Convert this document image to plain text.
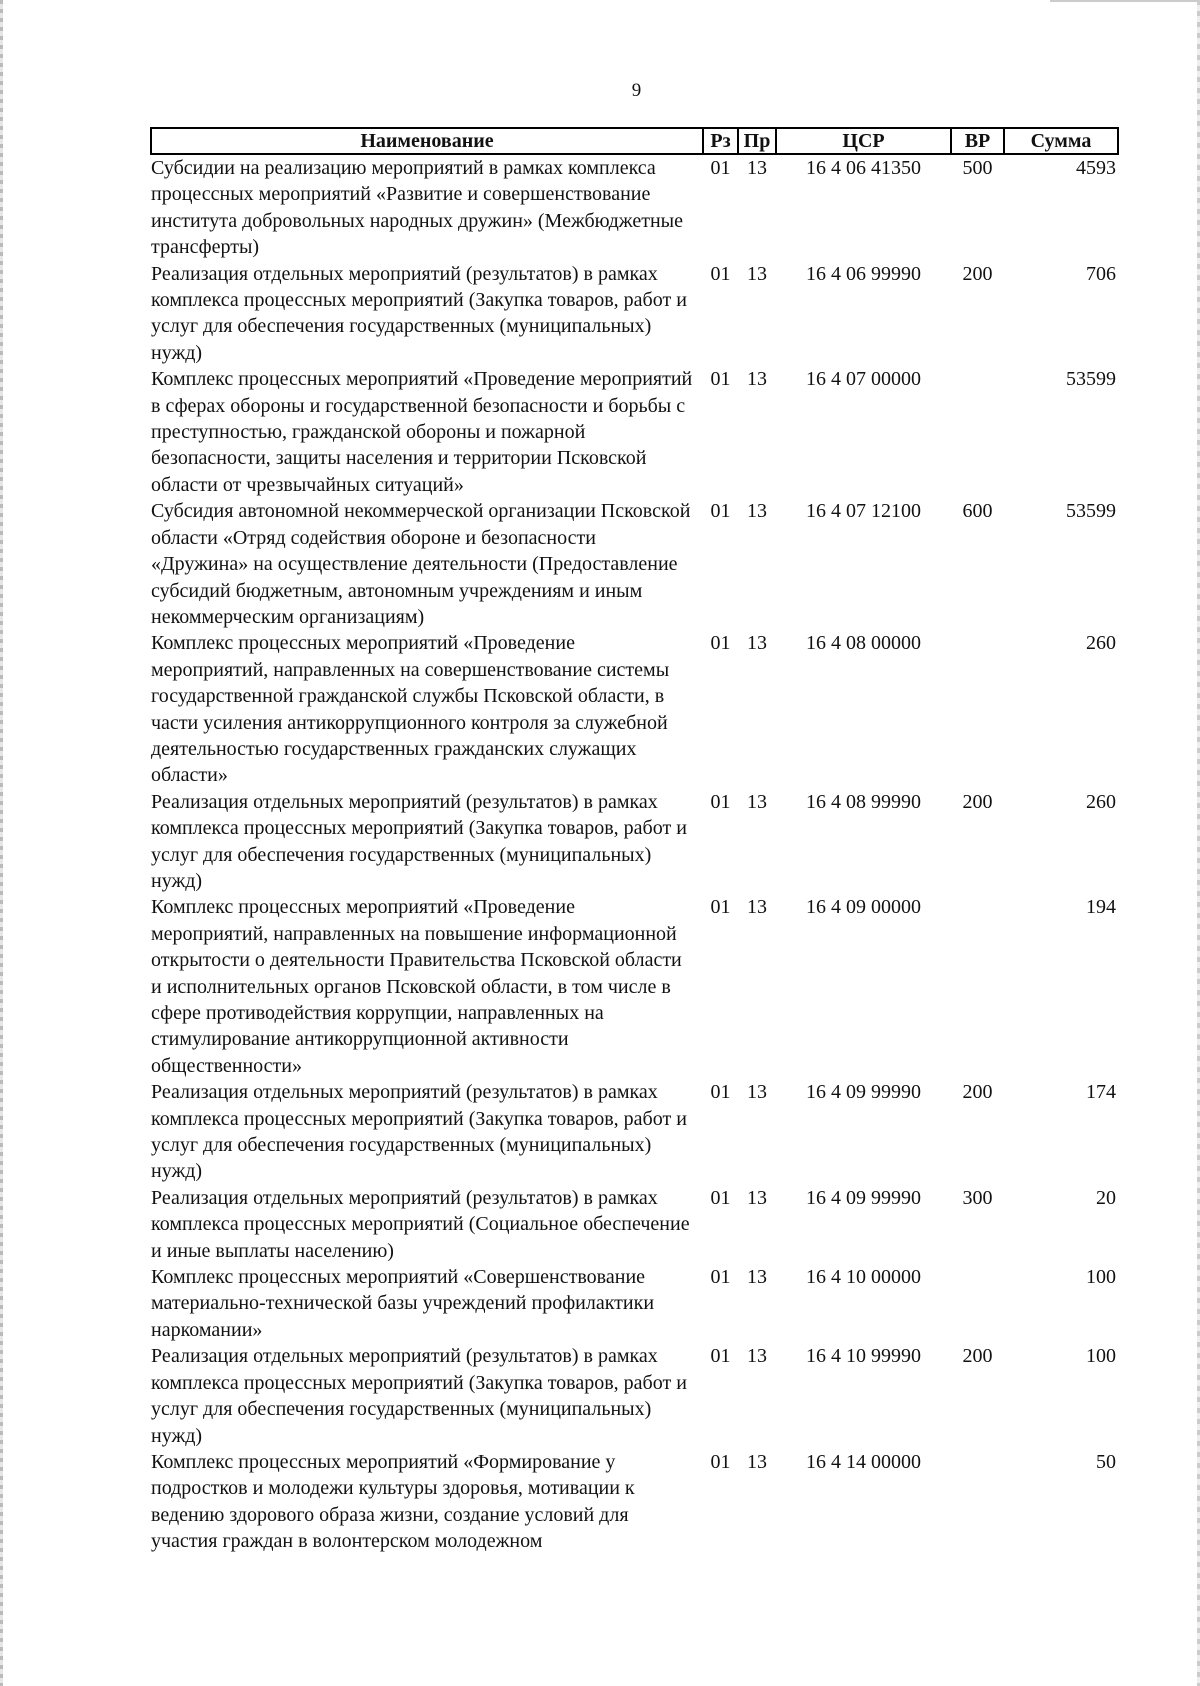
9
Наименование	Рз	Пр	ЦСР	ВР	Сумма
Субсидии на реализацию мероприятий в рамках комплекса процессных мероприятий «Развитие и совершенствование института добровольных народных дружин» (Межбюджетные трансферты)	01	13	16 4 06 41350	500	4593
Реализация отдельных мероприятий (результатов) в рамках комплекса процессных мероприятий (Закупка товаров, работ и услуг для обеспечения государственных (муниципальных) нужд)	01	13	16 4 06 99990	200	706
Комплекс процессных мероприятий «Проведение мероприятий в сферах обороны и государственной безопасности и борьбы с преступностью, гражданской обороны и пожарной безопасности, защиты населения и территории Псковской области от чрезвычайных ситуаций»	01	13	16 4 07 00000		53599
Субсидия автономной некоммерческой организации Псковской области «Отряд содействия обороне и безопасности «Дружина» на осуществление деятельности (Предоставление субсидий бюджетным, автономным учреждениям и иным некоммерческим организациям)	01	13	16 4 07 12100	600	53599
Комплекс процессных мероприятий «Проведение мероприятий, направленных на совершенствование системы государственной гражданской службы Псковской области, в части усиления антикоррупционного контроля за служебной деятельностью государственных гражданских служащих области»	01	13	16 4 08 00000		260
Реализация отдельных мероприятий (результатов) в рамках комплекса процессных мероприятий (Закупка товаров, работ и услуг для обеспечения государственных (муниципальных) нужд)	01	13	16 4 08 99990	200	260
Комплекс процессных мероприятий «Проведение мероприятий, направленных на повышение информационной открытости о деятельности Правительства Псковской области и исполнительных органов Псковской области, в том числе в сфере противодействия коррупции, направленных на стимулирование антикоррупционной активности общественности»	01	13	16 4 09 00000		194
Реализация отдельных мероприятий (результатов) в рамках комплекса процессных мероприятий (Закупка товаров, работ и услуг для обеспечения государственных (муниципальных) нужд)	01	13	16 4 09 99990	200	174
Реализация отдельных мероприятий (результатов) в рамках комплекса процессных мероприятий (Социальное обеспечение и иные выплаты населению)	01	13	16 4 09 99990	300	20
Комплекс процессных мероприятий «Совершенствование материально-технической базы учреждений профилактики наркомании»	01	13	16 4 10 00000		100
Реализация отдельных мероприятий (результатов) в рамках комплекса процессных мероприятий (Закупка товаров, работ и услуг для обеспечения государственных (муниципальных) нужд)	01	13	16 4 10 99990	200	100
Комплекс процессных мероприятий «Формирование у подростков и молодежи культуры здоровья, мотивации к ведению здорового образа жизни, создание условий для участия граждан в волонтерском молодежном	01	13	16 4 14 00000		50
